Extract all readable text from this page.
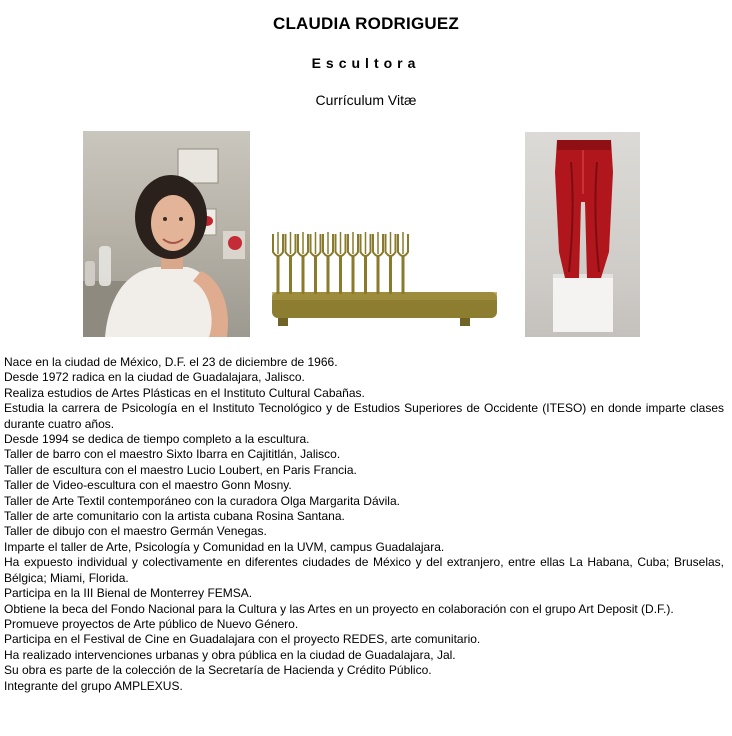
CLAUDIA RODRIGUEZ
Escultora
Currículum Vitæ
Nace en la ciudad de México, D.F. el 23 de diciembre de 1966.
Desde 1972 radica en la ciudad de Guadalajara, Jalisco.
Realiza estudios de Artes Plásticas en el Instituto Cultural Cabañas.
Estudia la carrera de Psicología en el Instituto Tecnológico y de Estudios Superiores de Occidente (ITESO) en donde imparte clases durante cuatro años.
Desde 1994 se dedica de tiempo completo a la escultura.
Taller de barro con el maestro Sixto Ibarra en Cajititlán, Jalisco.
Taller de escultura con el maestro Lucio Loubert, en Paris Francia.
Taller de Video-escultura con el maestro Gonn Mosny.
Taller de Arte Textil contemporáneo con la curadora Olga Margarita Dávila.
Taller de arte comunitario con la artista cubana Rosina Santana.
Taller de dibujo con el maestro Germán Venegas.
Imparte el taller de Arte, Psicología y Comunidad en la UVM, campus Guadalajara.
Ha expuesto individual y colectivamente en diferentes ciudades de México y del extranjero, entre ellas La Habana, Cuba; Bruselas, Bélgica; Miami, Florida.
Participa en la III Bienal de Monterrey FEMSA.
Obtiene la beca del Fondo Nacional para la Cultura y las Artes en un proyecto en colaboración con el grupo Art Deposit (D.F.).
Promueve proyectos de Arte público de Nuevo Género.
Participa en el Festival de Cine en Guadalajara con el proyecto REDES, arte comunitario.
Ha realizado intervenciones urbanas y obra pública en la ciudad de Guadalajara, Jal.
Su obra es parte de la colección de la Secretaría de Hacienda y Crédito Público.
Integrante del grupo AMPLEXUS.
